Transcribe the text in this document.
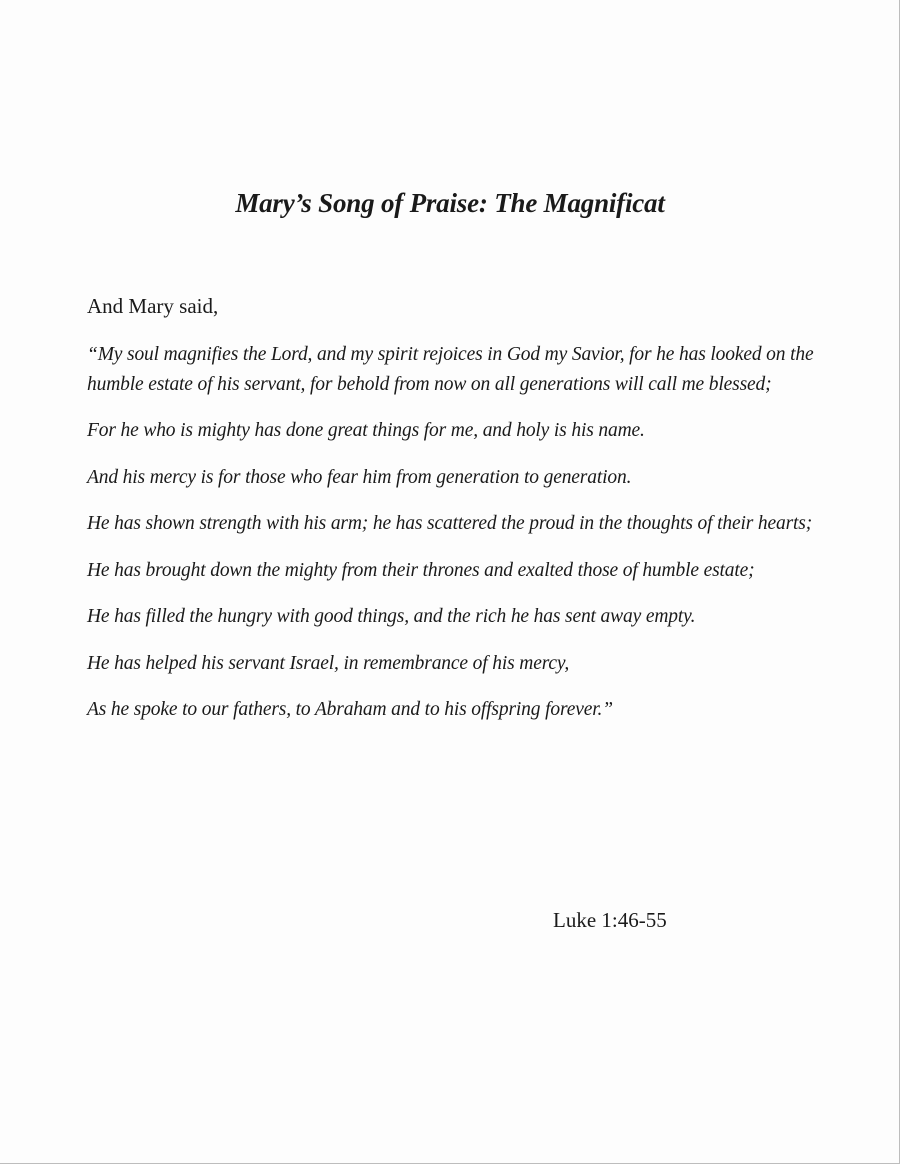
Mary’s Song of Praise: The Magnificat

And Mary said,

“My soul magnifies the Lord, and my spirit rejoices in God my Savior, for he has looked on the humble estate of his servant, for behold from now on all generations will call me blessed;
For he who is mighty has done great things for me, and holy is his name.
And his mercy is for those who fear him from generation to generation.
He has shown strength with his arm; he has scattered the proud in the thoughts of their hearts;
He has brought down the mighty from their thrones and exalted those of humble estate;
He has filled the hungry with good things, and the rich he has sent away empty.
He has helped his servant Israel, in remembrance of his mercy,
As he spoke to our fathers, to Abraham and to his offspring forever.”

Luke 1:46-55
